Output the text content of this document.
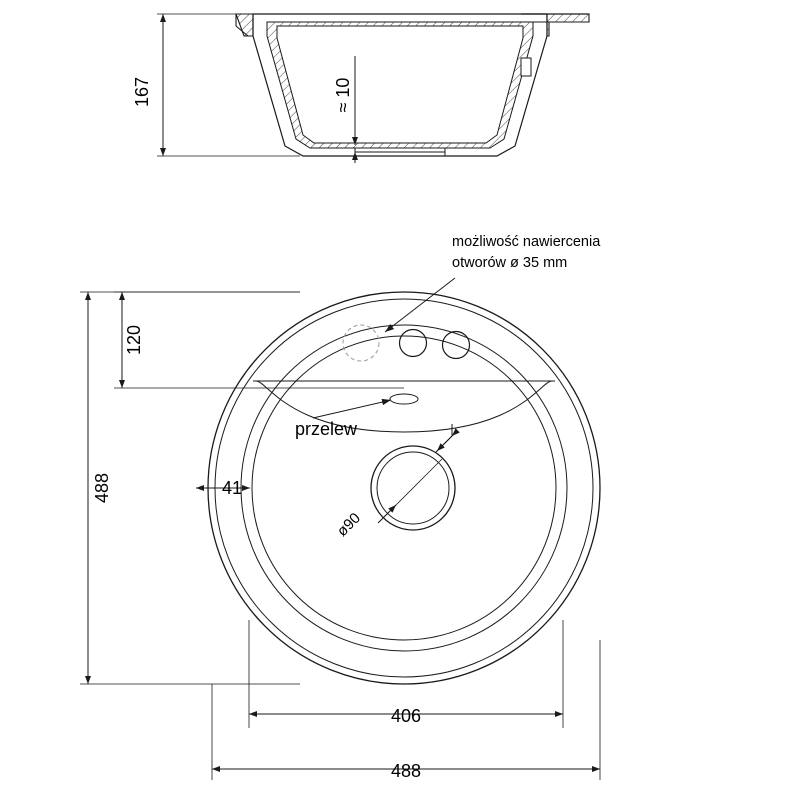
167	≈ 10
488
120
41
406
488
ø90
możliwość nawiercenia
otworów ø 35 mm
przelew
